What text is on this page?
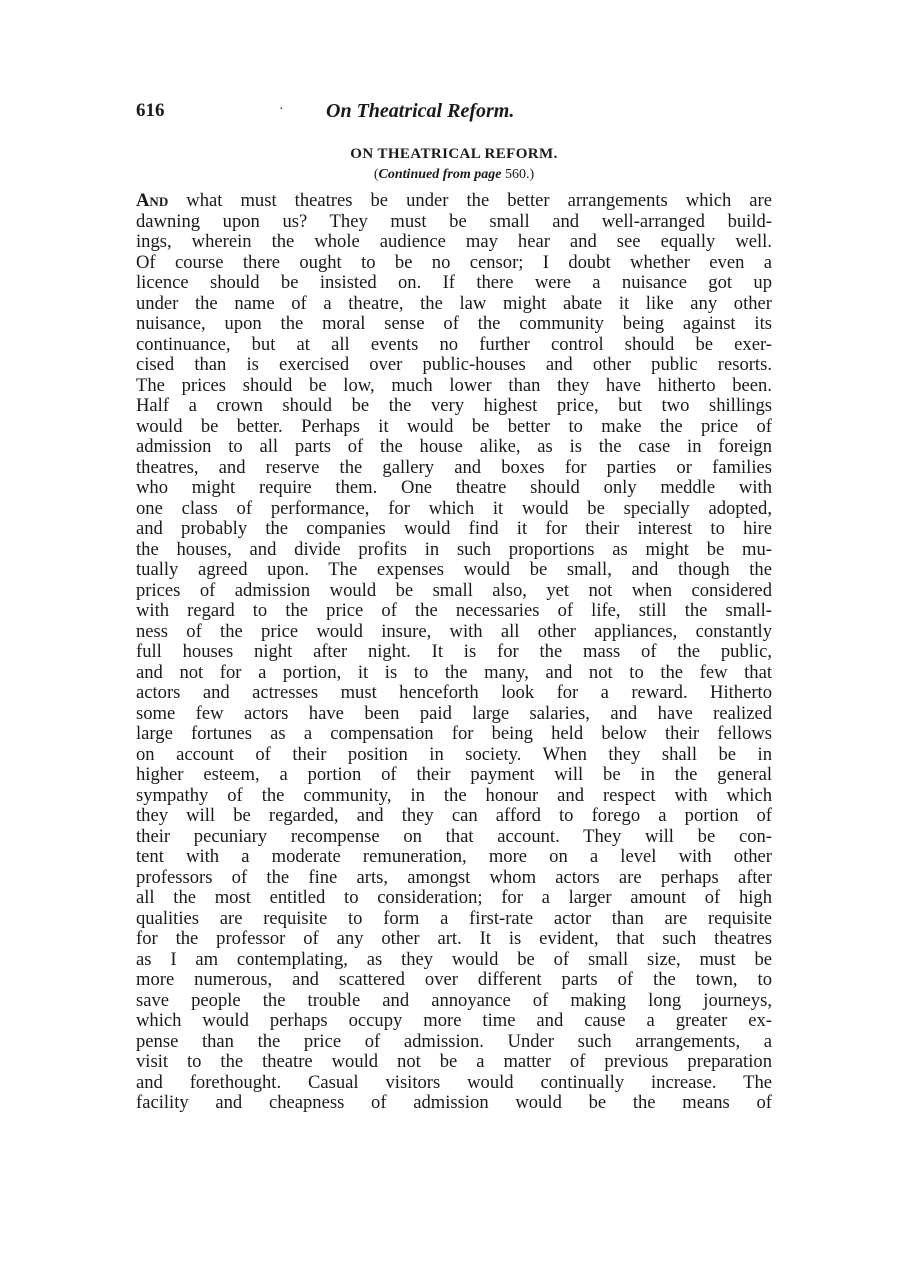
616	· On Theatrical Reform.
ON THEATRICAL REFORM.
(Continued from page 560.)
And what must theatres be under the better arrangements which are
dawning upon us? They must be small and well-arranged build-
ings, wherein the whole audience may hear and see equally well.
Of course there ought to be no censor; I doubt whether even a
licence should be insisted on. If there were a nuisance got up
under the name of a theatre, the law might abate it like any other
nuisance, upon the moral sense of the community being against its
continuance, but at all events no further control should be exer-
cised than is exercised over public-houses and other public resorts.
The prices should be low, much lower than they have hitherto been.
Half a crown should be the very highest price, but two shillings
would be better. Perhaps it would be better to make the price of
admission to all parts of the house alike, as is the case in foreign
theatres, and reserve the gallery and boxes for parties or families
who might require them. One theatre should only meddle with
one class of performance, for which it would be specially adopted,
and probably the companies would find it for their interest to hire
the houses, and divide profits in such proportions as might be mu-
tually agreed upon. The expenses would be small, and though the
prices of admission would be small also, yet not when considered
with regard to the price of the necessaries of life, still the small-
ness of the price would insure, with all other appliances, constantly
full houses night after night. It is for the mass of the public,
and not for a portion, it is to the many, and not to the few that
actors and actresses must henceforth look for a reward. Hitherto
some few actors have been paid large salaries, and have realized
large fortunes as a compensation for being held below their fellows
on account of their position in society. When they shall be in
higher esteem, a portion of their payment will be in the general
sympathy of the community, in the honour and respect with which
they will be regarded, and they can afford to forego a portion of
their pecuniary recompense on that account. They will be con-
tent with a moderate remuneration, more on a level with other
professors of the fine arts, amongst whom actors are perhaps after
all the most entitled to consideration; for a larger amount of high
qualities are requisite to form a first-rate actor than are requisite
for the professor of any other art. It is evident, that such theatres
as I am contemplating, as they would be of small size, must be
more numerous, and scattered over different parts of the town, to
save people the trouble and annoyance of making long journeys,
which would perhaps occupy more time and cause a greater ex-
pense than the price of admission. Under such arrangements, a
visit to the theatre would not be a matter of previous preparation
and forethought. Casual visitors would continually increase. The
facility and cheapness of admission would be the means of
